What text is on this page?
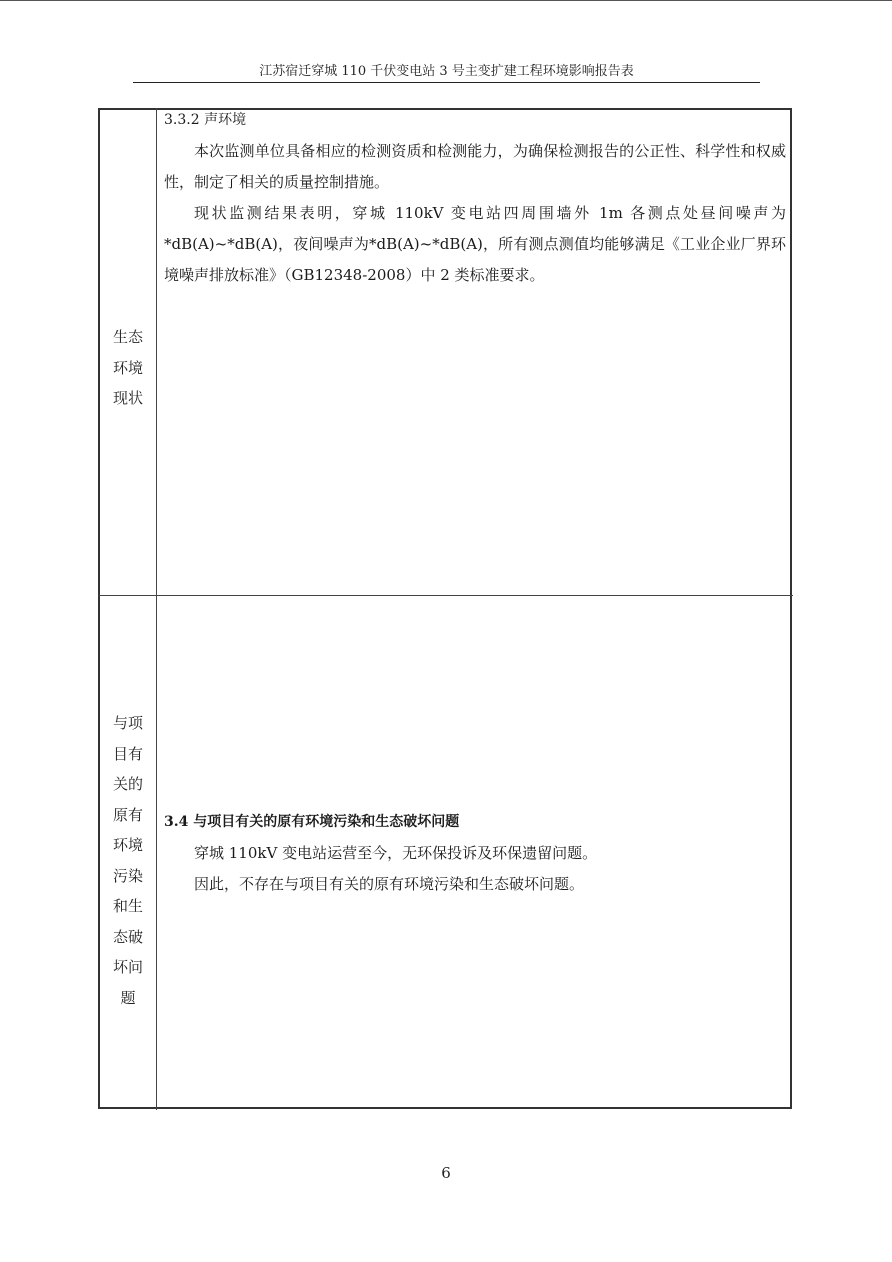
江苏宿迁穿城 110 千伏变电站 3 号主变扩建工程环境影响报告表
生态
环境
现状
3.3.2 声环境

本次监测单位具备相应的检测资质和检测能力，为确保检测报告的公正性、科学性和权威性，制定了相关的质量控制措施。

现状监测结果表明，穿城 110kV 变电站四周围墙外 1m 各测点处昼间噪声为*dB(A)~*dB(A)，夜间噪声为*dB(A)~*dB(A)，所有测点测值均能够满足《工业企业厂界环境噪声排放标准》（GB12348-2008）中 2 类标准要求。

与项
目有
关的
原有
环境
污染
和生
态破
坏问
题
3.4 与项目有关的原有环境污染和生态破坏问题

穿城 110kV 变电站运营至今，无环保投诉及环保遗留问题。

因此，不存在与项目有关的原有环境污染和生态破坏问题。

6
